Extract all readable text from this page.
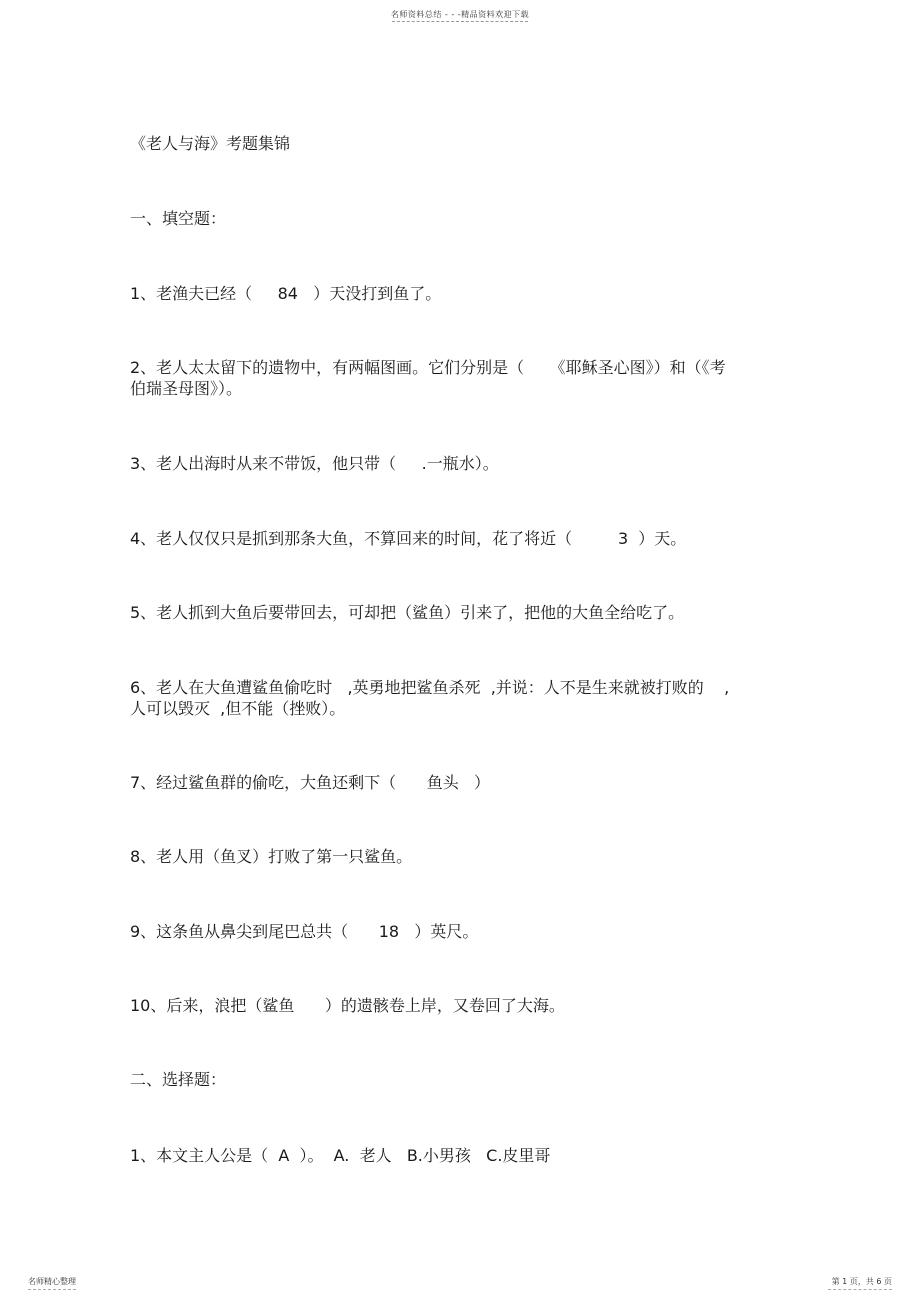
名师资料总结 - - -精品资料欢迎下载
《老人与海》考题集锦
一、填空题：
1、老渔夫已经（     84   ）天没打到鱼了。
2、老人太太留下的遗物中，有两幅图画。它们分别是（     《耶稣圣心图》）和（《考
伯瑞圣母图》）。
3、老人出海时从来不带饭，他只带（     .一瓶水）。
4、老人仅仅只是抓到那条大鱼，不算回来的时间，花了将近（         3  ）天。
5、老人抓到大鱼后要带回去，可却把（鲨鱼）引来了，把他的大鱼全给吃了。
6、老人在大鱼遭鲨鱼偷吃时   ,英勇地把鲨鱼杀死  ,并说：人不是生来就被打败的    ,
人可以毁灭  ,但不能（挫败）。
7、经过鲨鱼群的偷吃，大鱼还剩下（      鱼头   ）
8、老人用（鱼叉）打败了第一只鲨鱼。
9、这条鱼从鼻尖到尾巴总共（      18   ）英尺。
10、后来，浪把（鲨鱼      ）的遗骸卷上岸，又卷回了大海。
二、选择题：
1、本文主人公是（  A  ）。  A.  老人   B.小男孩   C.皮里哥
名师精心整理	第 1 页，共 6 页
